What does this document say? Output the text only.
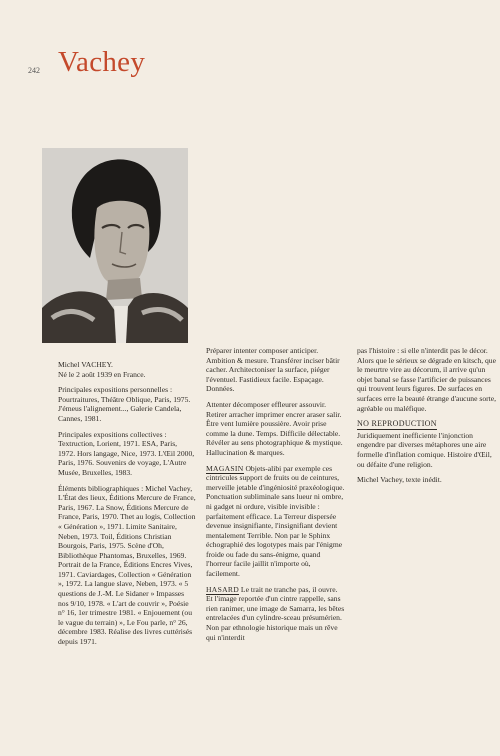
242 Vachey

Michel VACHEY.

Né le 2 août 1939 en France.

Principales expositions personnelles : Pourtraitures, Théâtre Oblique, Paris, 1975. J'émeus l'alignement..., Galerie Candela, Cannes, 1981.

Principales expositions collectives : Textruction, Lorient, 1971. ESA, Paris, 1972. Hors langage, Nice, 1973. L'Œil 2000, Paris, 1976. Souvenirs de voyage, L'Autre Musée, Bruxelles, 1983.

Éléments bibliographiques : Michel Vachey, L'État des lieux, Éditions Mercure de France, Paris, 1967. La Snow, Éditions Mercure de France, Paris, 1970. Thet au logis, Collection « Génération », 1971. Limite Sanitaire, Neben, 1973. Toil, Éditions Christian Bourgois, Paris, 1975. Scène d'Oh, Bibliothèque Phantomas, Bruxelles, 1969. Portrait de la France, Éditions Encres Vives, 1971. Caviardages, Collection « Génération », 1972. La langue slave, Neben, 1973. « 5 questions de J.-M. Le Sidaner » Impasses nos 9/10, 1978. « L'art de couvrir », Poésie n° 16, 1er trimestre 1981. « Enjouement (ou le vague du terrain) », Le Fou parle, n° 26, décembre 1983. Réalise des livres cuttérisés depuis 1971.

Préparer intenter composer anticiper. Ambition & mesure. Transférer inciser bâtir cacher. Architectoniser la surface, piéger l'éventuel. Fastidieux facile. Espaçage. Données.

Attenter décomposer effleurer assouvir. Retirer arracher imprimer encrer araser salir. Être vent lumière poussière. Avoir prise comme la dune. Temps. Difficile délectable. Révéler au sens photographique & mystique. Hallucination & marques.

MAGASIN Objets-alibi par exemple ces cintricules support de fruits ou de ceintures, merveille jetable d'ingéniosité praxéologique. Ponctuation subliminale sans lueur ni ombre, ni gadget ni ordure, visible invisible : parfaitement efficace. La Terreur dispersée devenue insignifiante, l'insignifiant devient mentalement Terrible. Non par le Sphinx échographié des logotypes mais par l'énigme froide ou fade du sans-énigme, quand l'horreur facile jaillit n'importe où, facilement.

HASARD Le trait ne tranche pas, il ouvre. Et l'image reportée d'un cintre rappelle, sans rien ranimer, une image de Samarra, les bêtes entrelacées d'un cylindre-sceau présumérien. Non par ethnologie historique mais un rêve qui n'interdit

pas l'histoire : si elle n'interdit pas le décor. Alors que le sérieux se dégrade en kitsch, que le meurtre vire au décorum, il arrive qu'un objet banal se fasse l'artificier de puissances qui trouvent leurs figures. De surfaces en surfaces erre la beauté étrange d'aucune sorte, agréable ou maléfique.

NO REPRODUCTION

Juridiquement inefficiente l'injonction engendre par diverses métaphores une aire formelle d'inflation comique. Histoire d'Œil, ou défaite d'une religion.

Michel Vachey, texte inédit.
